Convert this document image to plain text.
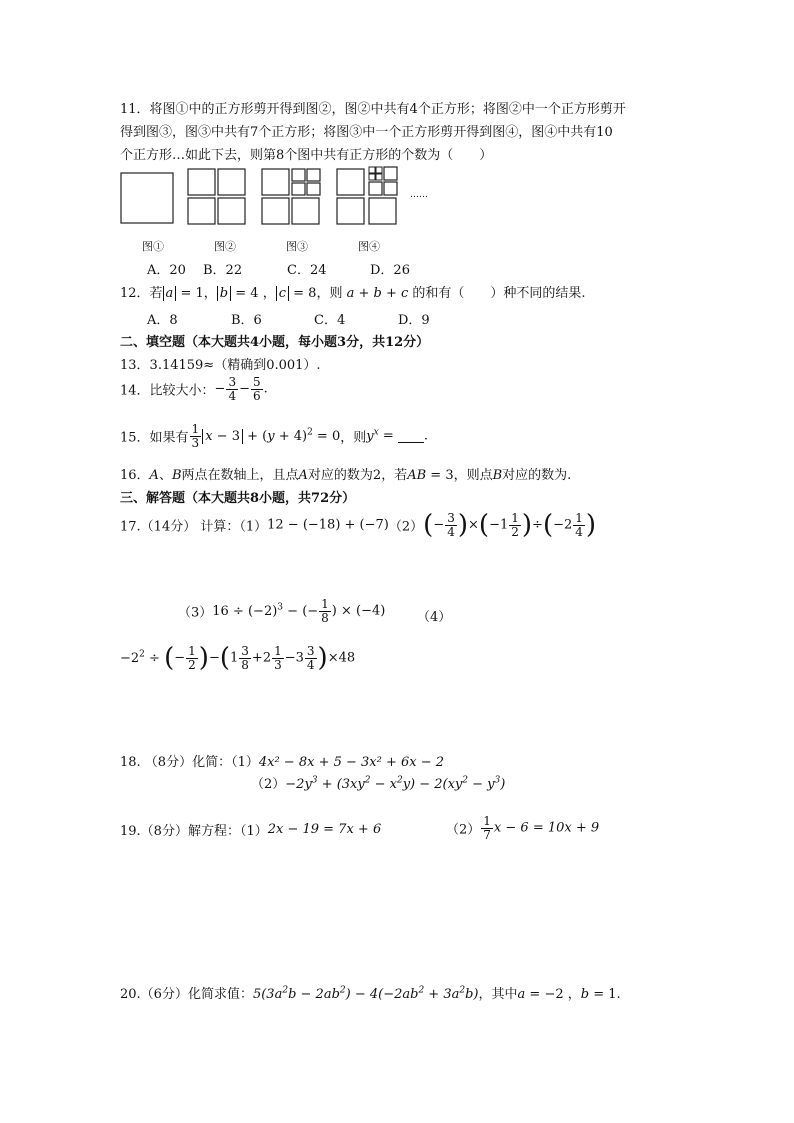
11．将图①中的正方形剪开得到图②，图②中共有4个正方形；将图②中一个正方形剪开
得到图③，图③中共有7个正方形；将图③中一个正方形剪开得到图④，图④中共有10
个正方形…如此下去，则第8个图中共有正方形的个数为（　　）
……
图①	图②	图③	图④
A．20 B．22	C．24	D．26
12．若 a = 1， b = 4 ， c = 8，则 a + b + c 的和有（　　）种不同的结果.
A．8	B．6	C．4	D．9
二、填空题（本大题共4小题，每小题3分，共12分）
13．3.14159≈（精确到0.001）.
14．比较大小：− $\frac{3}{4} - \frac{5}{6}$ .
15．如果有 $\frac{1}{3}$ $x - 3 + (y + 4)^2 = 0$，则$y^x$ = .
16．A、B两点在数轴上，且点A对应的数为2，若AB = 3，则点B对应的数为.
三、解答题（本大题共8小题，共72分）
17.（14分） 计算：$(1)12 - (-18) + (-7)(2)(- \frac{3}{4} )\times(-1 \frac{1}{2} )\div(-2 \frac{1}{4}$ )
$(3)16 \div (-2)^3$ − (− $\frac{1}{8}$ ) × (−4) （4）
$-2^2$ ÷ (− $\frac{1}{2} )-(1 \frac{3}{8} +2 \frac{1}{3} -3 \frac{3}{4} )\times 48$
18. （8分）化简：（1）4x² − 8x + 5 − 3x² + 6x − 2
$(2)-2y^3 + (3xy^2 - x^2y) - 2(xy^2 - y^3)$
19.（8分）解方程：（1）2x − 19 = 7x + 6	$(2) \frac{1}{7}$ x − 6 = 10x + 9
20.（6分）化简求值：$5(3a^2b - 2ab^2) - 4(-2ab^2 + 3a^2b)$，其中a = −2 ，b = 1.
